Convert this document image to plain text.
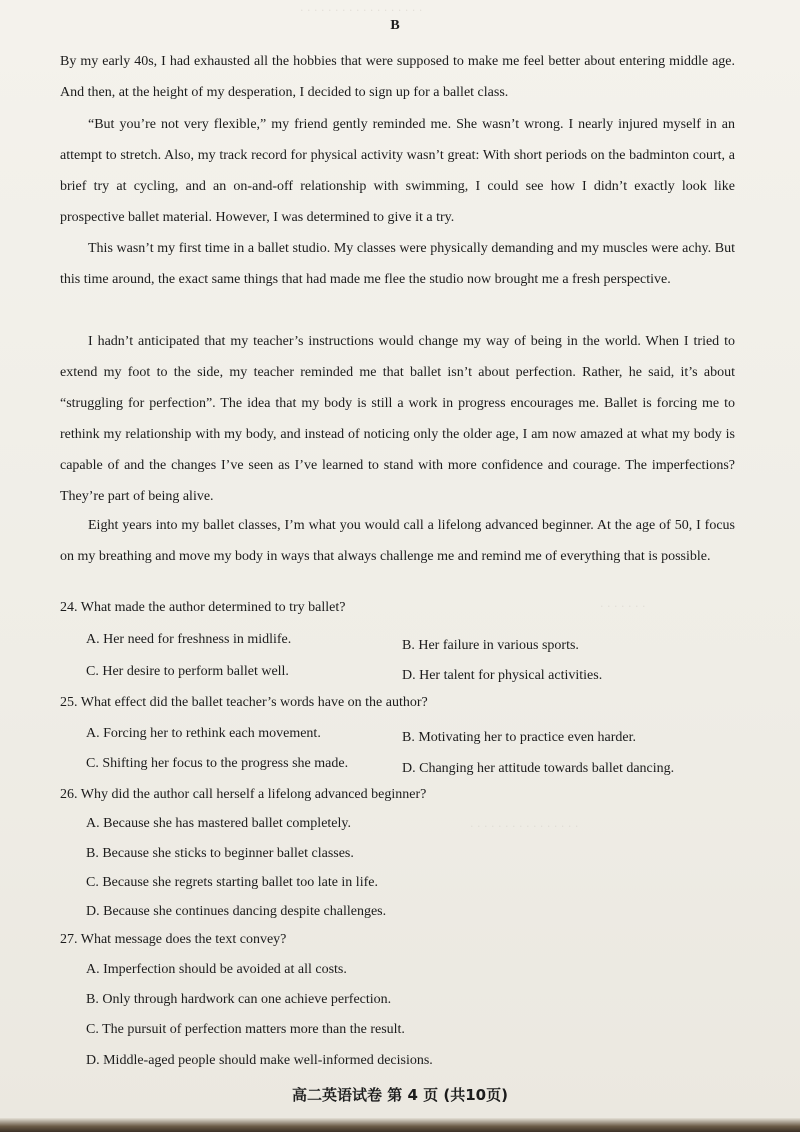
· · · · · · · · · · · · · · · · · ·
· · · · · · ·
· · · · · · · · · · · · · · · ·
B
By my early 40s, I had exhausted all the hobbies that were supposed to make me feel better about entering middle age. And then, at the height of my desperation, I decided to sign up for a ballet class.
“But you’re not very flexible,” my friend gently reminded me. She wasn’t wrong. I nearly injured myself in an attempt to stretch. Also, my track record for physical activity wasn’t great: With short periods on the badminton court, a brief try at cycling, and an on-and-off relationship with swimming, I could see how I didn’t exactly look like prospective ballet material. However, I was determined to give it a try.
This wasn’t my first time in a ballet studio. My classes were physically demanding and my muscles were achy. But this time around, the exact same things that had made me flee the studio now brought me a fresh perspective.
I hadn’t anticipated that my teacher’s instructions would change my way of being in the world. When I tried to extend my foot to the side, my teacher reminded me that ballet isn’t about perfection. Rather, he said, it’s about “struggling for perfection”. The idea that my body is still a work in progress encourages me. Ballet is forcing me to rethink my relationship with my body, and instead of noticing only the older age, I am now amazed at what my body is capable of and the changes I’ve seen as I’ve learned to stand with more confidence and courage. The imperfections? They’re part of being alive.
Eight years into my ballet classes, I’m what you would call a lifelong advanced beginner. At the age of 50, I focus on my breathing and move my body in ways that always challenge me and remind me of everything that is possible.
24. What made the author determined to try ballet?
A. Her need for freshness in midlife.	B. Her failure in various sports.
C. Her desire to perform ballet well.	D. Her talent for physical activities.
25. What effect did the ballet teacher’s words have on the author?
A. Forcing her to rethink each movement.	B. Motivating her to practice even harder.
C. Shifting her focus to the progress she made.	D. Changing her attitude towards ballet dancing.
26. Why did the author call herself a lifelong advanced beginner?
A. Because she has mastered ballet completely.
B. Because she sticks to beginner ballet classes.
C. Because she regrets starting ballet too late in life.
D. Because she continues dancing despite challenges.
27. What message does the text convey?
A. Imperfection should be avoided at all costs.
B. Only through hardwork can one achieve perfection.
C. The pursuit of perfection matters more than the result.
D. Middle-aged people should make well-informed decisions.
高二英语试卷 第 4 页 (共10页)
